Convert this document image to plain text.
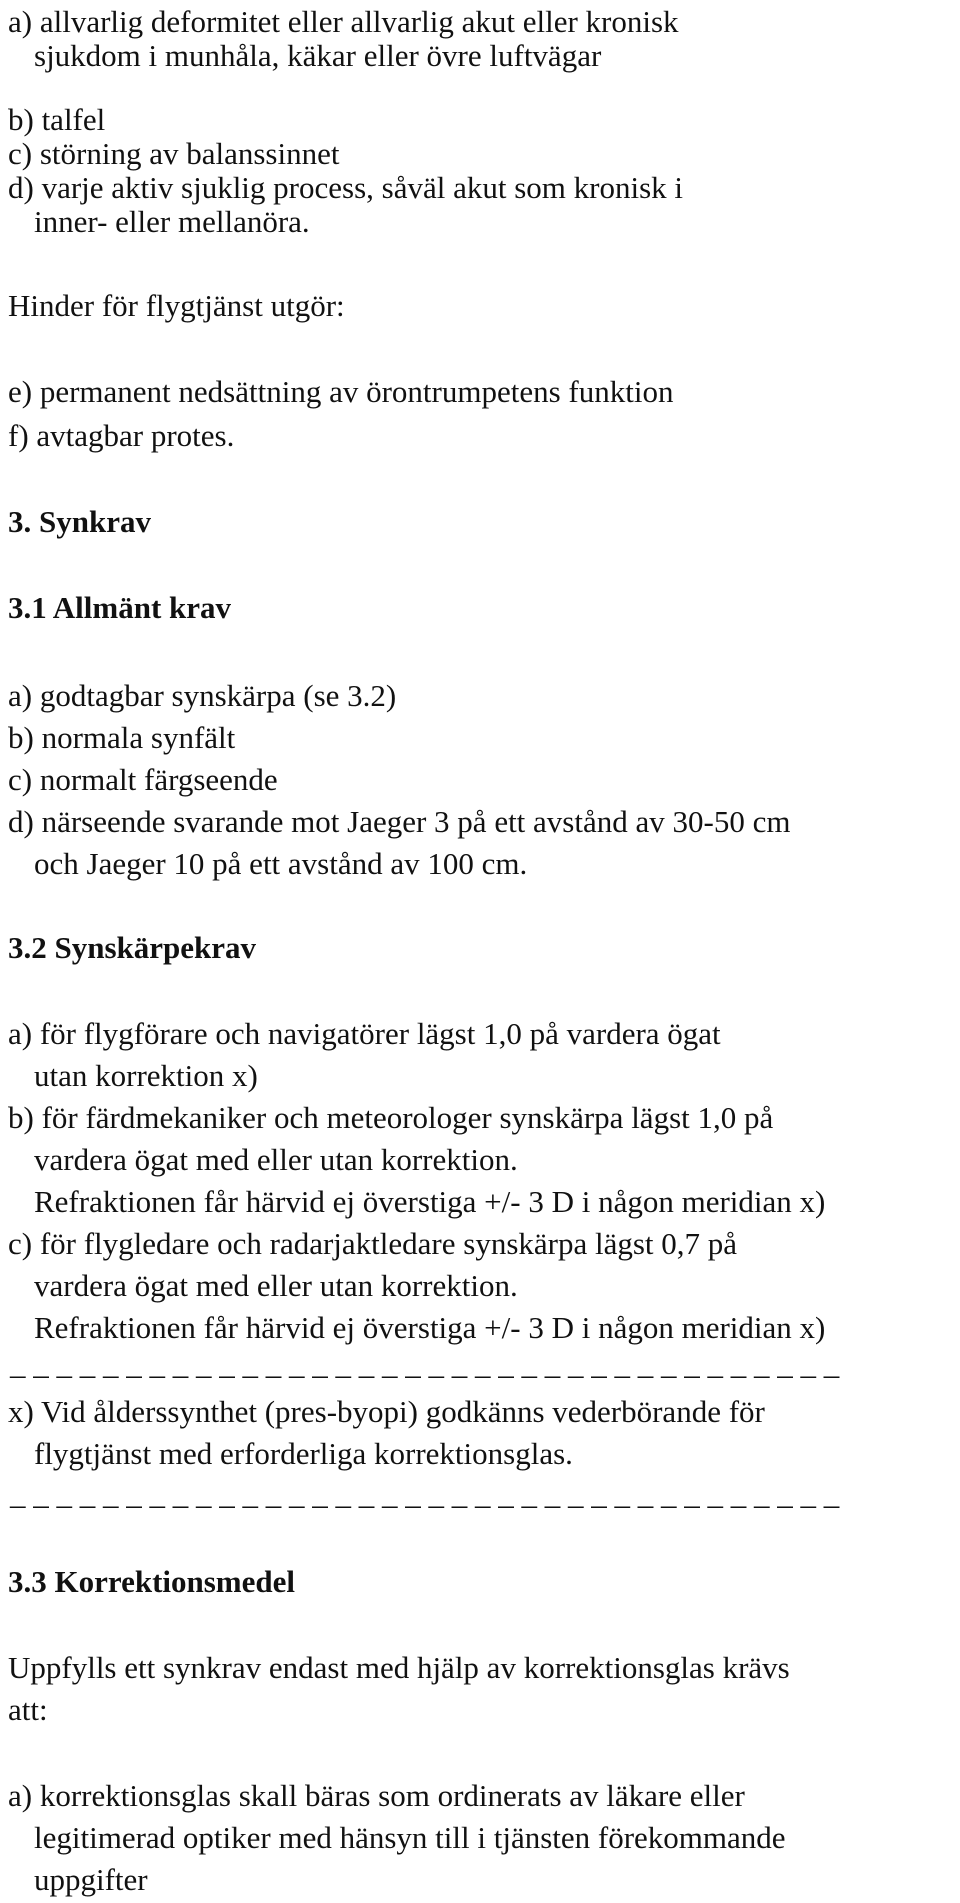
a) allvarlig deformitet eller allvarlig akut eller kronisk

sjukdom i munhåla, käkar eller övre luftvägar

b) talfel

c) störning av balanssinnet

d) varje aktiv sjuklig process, såväl akut som kronisk i

inner- eller mellanöra.

Hinder för flygtjänst utgör:

e) permanent nedsättning av örontrumpetens funktion

f) avtagbar protes.

3. Synkrav

3.1 Allmänt krav

a) godtagbar synskärpa (se 3.2)

b) normala synfält

c) normalt färgseende

d) närseende svarande mot Jaeger 3 på ett avstånd av 30-50 cm

och Jaeger 10 på ett avstånd av 100 cm.

3.2 Synskärpekrav

a) för flygförare och navigatörer lägst 1,0 på vardera ögat

utan korrektion x)

b) för färdmekaniker och meteorologer synskärpa lägst 1,0 på

vardera ögat med eller utan korrektion.

Refraktionen får härvid ej överstiga +/- 3 D i någon meridian x)

c) för flygledare och radarjaktledare synskärpa lägst 0,7 på

vardera ögat med eller utan korrektion.

Refraktionen får härvid ej överstiga +/- 3 D i någon meridian x)

_ _ _ _ _ _ _ _ _ _ _ _ _ _ _ _ _ _ _ _ _ _ _ _ _ _ _ _ _ _ _ _ _ _ _ _

x) Vid ålderssynthet (pres-byopi) godkänns vederbörande för

flygtjänst med erforderliga korrektionsglas.

_ _ _ _ _ _ _ _ _ _ _ _ _ _ _ _ _ _ _ _ _ _ _ _ _ _ _ _ _ _ _ _ _ _ _ _

3.3 Korrektionsmedel

Uppfylls ett synkrav endast med hjälp av korrektionsglas krävs

att:

a) korrektionsglas skall bäras som ordinerats av läkare eller

legitimerad optiker med hänsyn till i tjänsten förekommande

uppgifter
